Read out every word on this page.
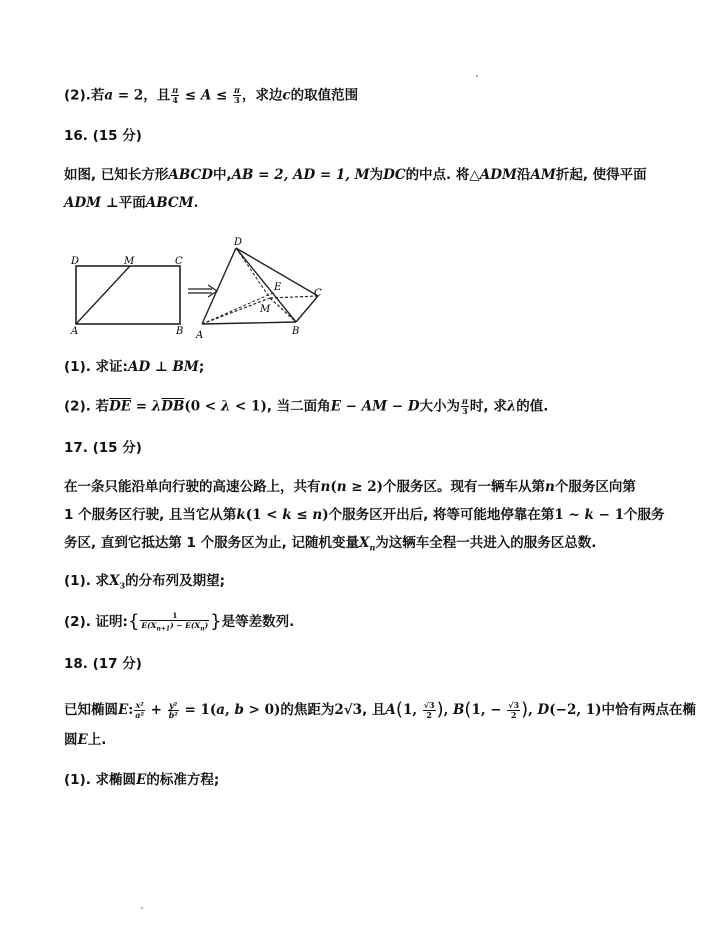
(2).若a = 2，且 $\frac{\pi}{4} \le A \le \frac{\pi}{3}$ ，求边c的取值范围
16. (15 分)
如图, 已知长方形ABCD中,AB = 2, AD = 1, M为DC的中点. 将△ADM沿AM折起, 使得平面
ADM ⊥平面ABCM.
D	M	C
A	B
D
E
M
C
A	B
(1). 求证:AD ⊥ BM;
(2). 若$\overline{DE} = \lambda\overline{DB}(0 < \lambda < 1)$, 当二面角E − AM − D大小为 $\frac{\pi}{3}$ 时, 求λ的值.
17. (15 分)
在一条只能沿单向行驶的高速公路上，共有n(n ≥ 2)个服务区。现有一辆车从第n个服务区向第
1 个服务区行驶, 且当它从第k(1 < k ≤ n)个服务区开出后, 将等可能地停靠在第1 ~ k − 1个服务
务区, 直到它抵达第 1 个服务区为止, 记随机变量$X_n$为这辆车全程一共进入的服务区总数.
(1). 求$X_3$的分布列及期望;
(2). 证明:{ $\frac{1}{E(X_{n+1}) - E(X_n)}$ }是等差数列.
18. (17 分)
已知椭圆E: $\frac{\text{x²}}{\text{a²}} + \frac{\text{y²}}{\text{b²}} = 1(a$, b > 0)的焦距为2√3, 且A(1, $\frac{√3}{2}$ ), B(1, − $\frac{√3}{2}$ ), D(−2, 1)中恰有两点在椭
圆E上.
(1). 求椭圆E的标准方程;
